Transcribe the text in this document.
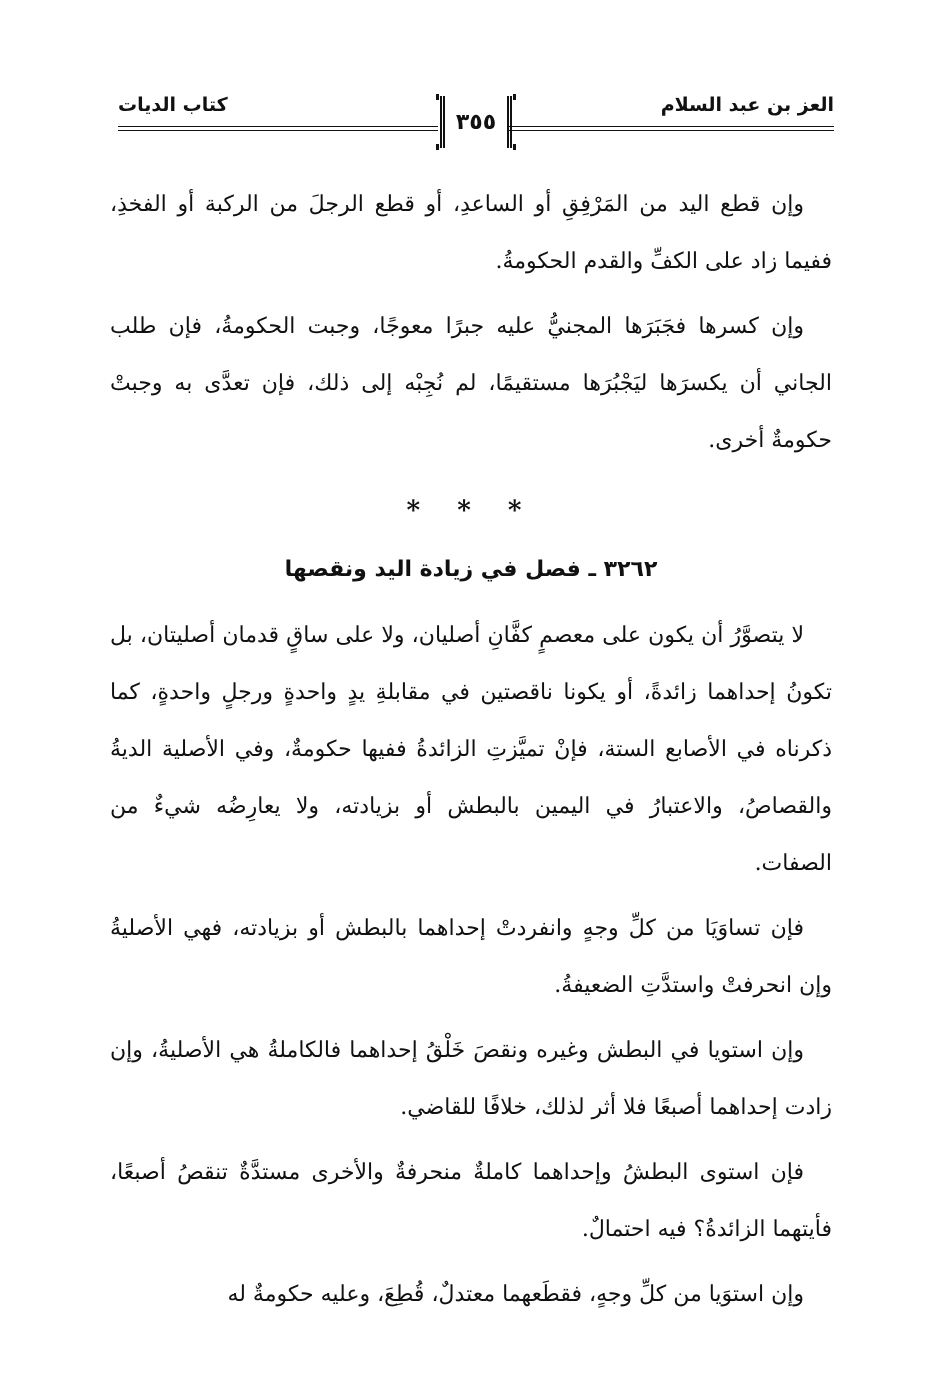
العز بن عبد السلام
٣٥٥
كتاب الديات

وإن قطع اليد من المَرْفِقِ أو الساعدِ، أو قطع الرجلَ من الركبة أو الفخذِ، ففيما زاد على الكفِّ والقدم الحكومةُ.

وإن كسرها فجَبَرَها المجنيُّ عليه جبرًا معوجًا، وجبت الحكومةُ، فإن طلب الجاني أن يكسرَها ليَجْبُرَها مستقيمًا، لم نُجِبْه إلى ذلك، فإن تعدَّى به وجبتْ حكومةٌ أخرى.

* * *
٣٢٦٢ ـ فصل في زيادة اليد ونقصها

لا يتصوَّرُ أن يكون على معصمٍ كفَّانِ أصليان، ولا على ساقٍ قدمان أصليتان، بل تكونُ إحداهما زائدةً، أو يكونا ناقصتين في مقابلةِ يدٍ واحدةٍ ورجلٍ واحدةٍ، كما ذكرناه في الأصابع الستة، فإنْ تميَّزتِ الزائدةُ ففيها حكومةٌ، وفي الأصلية الديةُ والقصاصُ، والاعتبارُ في اليمين بالبطش أو بزيادته، ولا يعارِضُه شيءٌ من الصفات.

فإن تساوَيَا من كلِّ وجهٍ وانفردتْ إحداهما بالبطش أو بزيادته، فهي الأصليةُ وإن انحرفتْ واستدَّتِ الضعيفةُ.

وإن استويا في البطش وغيره ونقصَ خَلْقُ إحداهما فالكاملةُ هي الأصليةُ، وإن زادت إحداهما أصبعًا فلا أثر لذلك، خلافًا للقاضي.

فإن استوى البطشُ وإحداهما كاملةٌ منحرفةٌ والأخرى مستدَّةٌ تنقصُ أصبعًا، فأيتهما الزائدةُ؟ فيه احتمالٌ.

وإن استوَيا من كلِّ وجهٍ، فقطَعهما معتدلٌ، قُطِعَ، وعليه حكومةٌ له
